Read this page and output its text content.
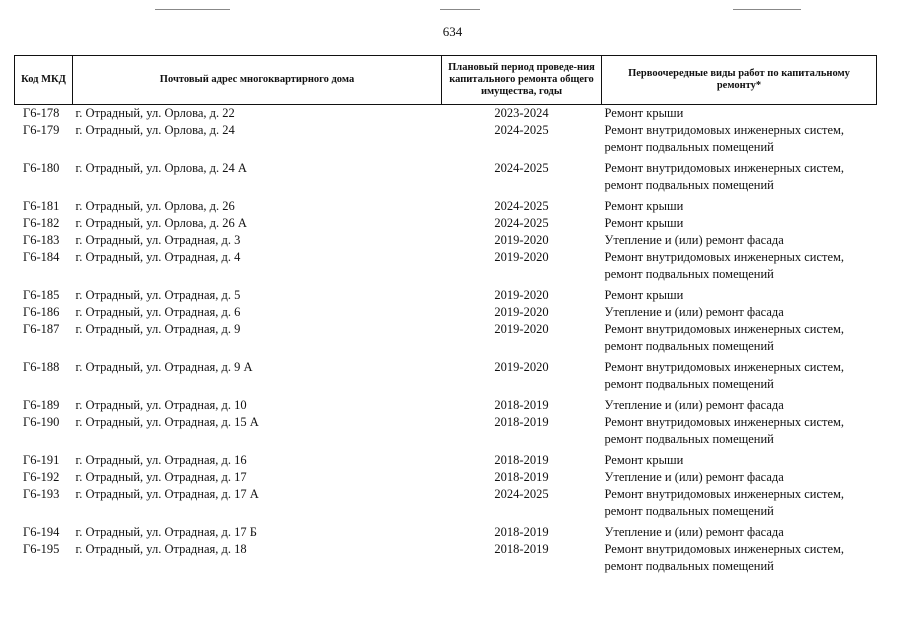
634
Код МКД	Почтовый адрес многоквартирного дома	Плановый период проведе-ния капитального ремонта общего имущества, годы	Первоочередные виды работ по капитальному ремонту*
Г6-178	г. Отрадный, ул. Орлова, д. 22	2023-2024	Ремонт крыши

Г6-179	г. Отрадный, ул. Орлова, д. 24	2024-2025	Ремонт внутридомовых инженерных систем,
ремонт подвальных помещений

Г6-180	г. Отрадный, ул. Орлова, д. 24 А	2024-2025	Ремонт внутридомовых инженерных систем,
ремонт подвальных помещений

Г6-181	г. Отрадный, ул. Орлова, д. 26	2024-2025	Ремонт крыши

Г6-182	г. Отрадный, ул. Орлова, д. 26 А	2024-2025	Ремонт крыши

Г6-183	г. Отрадный, ул. Отрадная, д. 3	2019-2020	Утепление и (или) ремонт фасада

Г6-184	г. Отрадный, ул. Отрадная, д. 4	2019-2020	Ремонт внутридомовых инженерных систем,
ремонт подвальных помещений

Г6-185	г. Отрадный, ул. Отрадная, д. 5	2019-2020	Ремонт крыши

Г6-186	г. Отрадный, ул. Отрадная, д. 6	2019-2020	Утепление и (или) ремонт фасада

Г6-187	г. Отрадный, ул. Отрадная, д. 9	2019-2020	Ремонт внутридомовых инженерных систем,
ремонт подвальных помещений

Г6-188	г. Отрадный, ул. Отрадная, д. 9 А	2019-2020	Ремонт внутридомовых инженерных систем,
ремонт подвальных помещений

Г6-189	г. Отрадный, ул. Отрадная, д. 10	2018-2019	Утепление и (или) ремонт фасада

Г6-190	г. Отрадный, ул. Отрадная, д. 15 А	2018-2019	Ремонт внутридомовых инженерных систем,
ремонт подвальных помещений

Г6-191	г. Отрадный, ул. Отрадная, д. 16	2018-2019	Ремонт крыши

Г6-192	г. Отрадный, ул. Отрадная, д. 17	2018-2019	Утепление и (или) ремонт фасада

Г6-193	г. Отрадный, ул. Отрадная, д. 17 А	2024-2025	Ремонт внутридомовых инженерных систем,
ремонт подвальных помещений

Г6-194	г. Отрадный, ул. Отрадная, д. 17 Б	2018-2019	Утепление и (или) ремонт фасада

Г6-195	г. Отрадный, ул. Отрадная, д. 18	2018-2019	Ремонт внутридомовых инженерных систем,
ремонт подвальных помещений
